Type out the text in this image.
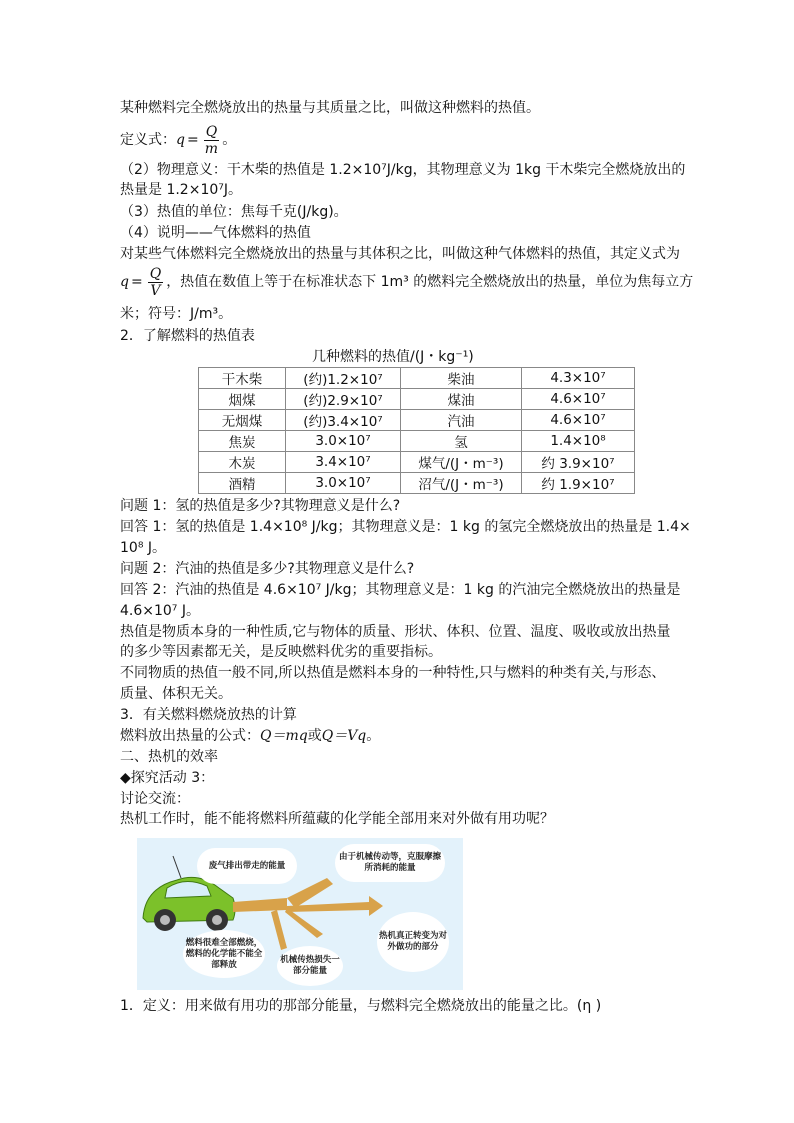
某种燃料完全燃烧放出的热量与其质量之比，叫做这种燃料的热值。
定义式：$q = \frac{Q}{m}$ 。
（2）物理意义：干木柴的热值是 1.2×10⁷J/kg，其物理意义为 1kg 干木柴完全燃烧放出的
热量是 1.2×10⁷J。
（3）热值的单位：焦每千克(J/kg)。
（4）说明——气体燃料的热值
对某些气体燃料完全燃烧放出的热量与其体积之比，叫做这种气体燃料的热值，其定义式为
$q = \frac{Q}{V}$ ，热值在数值上等于在标准状态下 1m³ 的燃料完全燃烧放出的热量，单位为焦每立方
米；符号：J/m³。
2．了解燃料的热值表
几种燃料的热值/(J・kg⁻¹)
干木柴	(约)1.2×10⁷	柴油	4.3×10⁷
烟煤	(约)2.9×10⁷	煤油	4.6×10⁷
无烟煤	(约)3.4×10⁷	汽油	4.6×10⁷
焦炭	3.0×10⁷	氢	1.4×10⁸
木炭	3.4×10⁷	煤气/(J・m⁻³)	约 3.9×10⁷
酒精	3.0×10⁷	沼气/(J・m⁻³)	约 1.9×10⁷
问题 1：氢的热值是多少?其物理意义是什么?
回答 1：氢的热值是 1.4×10⁸ J/kg；其物理意义是：1 kg 的氢完全燃烧放出的热量是 1.4×
10⁸ J。
问题 2：汽油的热值是多少?其物理意义是什么?
回答 2：汽油的热值是 4.6×10⁷ J/kg；其物理意义是：1 kg 的汽油完全燃烧放出的热量是
4.6×10⁷ J。
热值是物质本身的一种性质,它与物体的质量、形状、体积、位置、温度、吸收或放出热量
的多少等因素都无关，是反映燃料优劣的重要指标。
不同物质的热值一般不同,所以热值是燃料本身的一种特性,只与燃料的种类有关,与形态、
质量、体积无关。
3．有关燃料燃烧放热的计算
燃料放出热量的公式：Q＝mq或Q＝Vq。
二、热机的效率
◆探究活动 3：
讨论交流：
热机工作时，能不能将燃料所蕴藏的化学能全部用来对外做有用功呢？
废气排出带走的能量
由于机械传动等，克服摩擦所消耗的能量
燃料很难全部燃烧，燃料的化学能不能全部释放	机械传热损失一部分能量
热机真正转变为对外做功的部分
1．定义：用来做有用功的那部分能量，与燃料完全燃烧放出的能量之比。(η )
